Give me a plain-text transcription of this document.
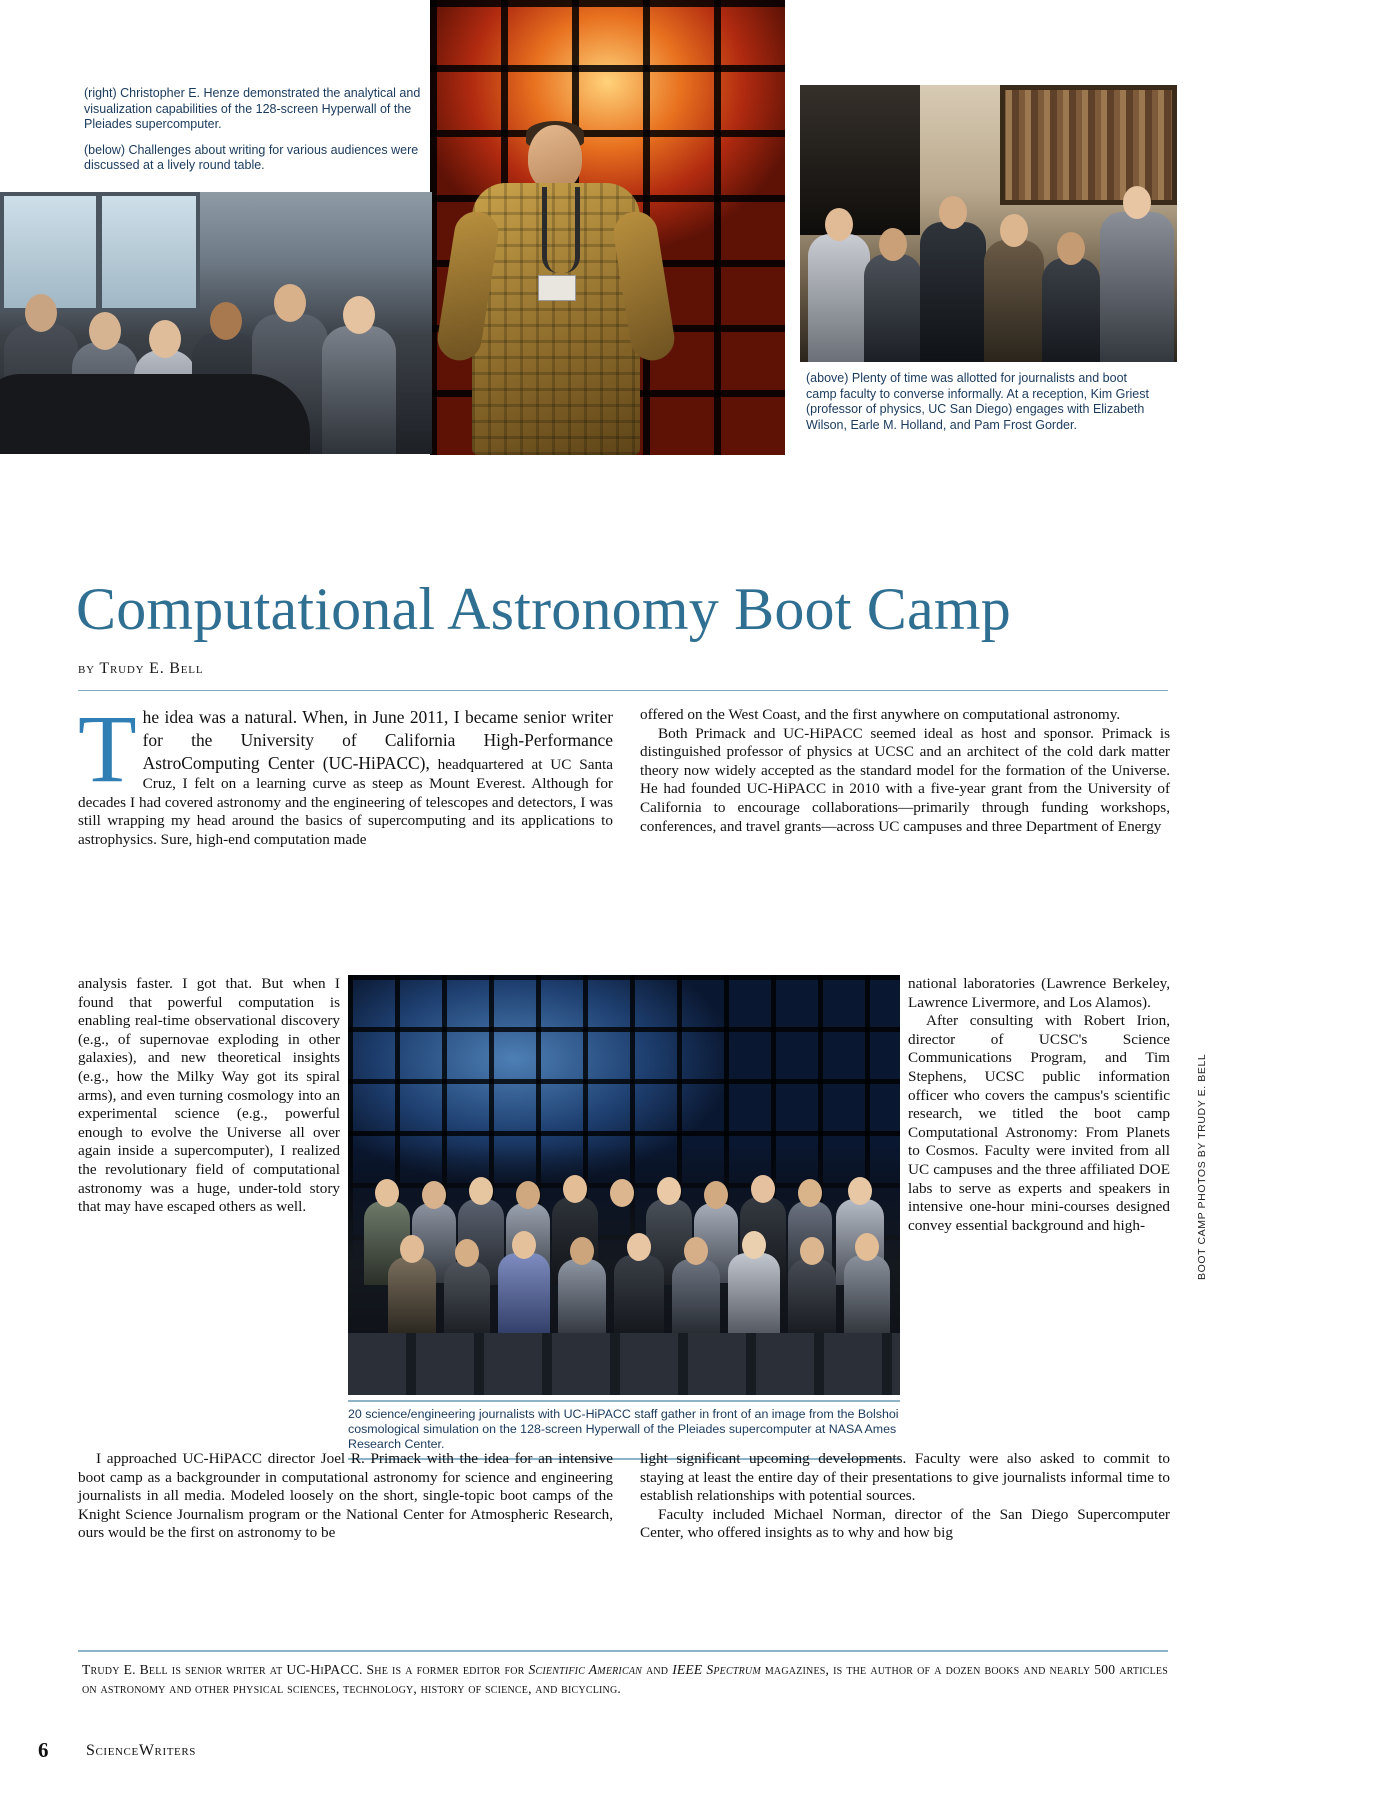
(right) Christopher E. Henze demonstrated the analytical and visualization capabilities of the 128-screen Hyperwall of the Pleiades supercomputer.

(below) Challenges about writing for various audiences were discussed at a lively round table.

(above) Plenty of time was allotted for journalists and boot camp faculty to converse informally. At a reception, Kim Griest (professor of physics, UC San Diego) engages with Elizabeth Wilson, Earle M. Holland, and Pam Frost Gorder.

Computational Astronomy Boot Camp
by Trudy E. Bell

The idea was a natural. When, in June 2011, I became senior writer for the University of California High-Performance AstroComputing Center (UC-HiPACC), headquartered at UC Santa Cruz, I felt on a learning curve as steep as Mount Everest. Although for decades I had covered astronomy and the engineering of telescopes and detectors, I was still wrapping my head around the basics of supercomputing and its applications to astrophysics. Sure, high-end computation made

analysis faster. I got that. But when I found that powerful computation is enabling real-time observational discovery (e.g., of supernovae exploding in other galaxies), and new theoretical insights (e.g., how the Milky Way got its spiral arms), and even turning cosmology into an experimental science (e.g., powerful enough to evolve the Universe all over again inside a supercomputer), I realized the revolutionary field of computational astronomy was a huge, under-told story that may have escaped others as well.

20 science/engineering journalists with UC-HiPACC staff gather in front of an image from the Bolshoi cosmological simulation on the 128-screen Hyperwall of the Pleiades supercomputer at NASA Ames Research Center.

offered on the West Coast, and the first anywhere on computational astronomy.

Both Primack and UC-HiPACC seemed ideal as host and sponsor. Primack is distinguished professor of physics at UCSC and an architect of the cold dark matter theory now widely accepted as the standard model for the formation of the Universe. He had founded UC-HiPACC in 2010 with a five-year grant from the University of California to encourage collaborations—primarily through funding workshops, conferences, and travel grants—across UC campuses and three Department of Energy

national laboratories (Lawrence Berkeley, Lawrence Livermore, and Los Alamos).

After consulting with Robert Irion, director of UCSC's Science Communications Program, and Tim Stephens, UCSC public information officer who covers the campus's scientific research, we titled the boot camp Computational Astronomy: From Planets to Cosmos. Faculty were invited from all UC campuses and the three affiliated DOE labs to serve as experts and speakers in intensive one-hour mini-courses designed convey essential background and high-

I approached UC-HiPACC director Joel R. Primack with the idea for an intensive boot camp as a backgrounder in computational astronomy for science and engineering journalists in all media. Modeled loosely on the short, single-topic boot camps of the Knight Science Journalism program or the National Center for Atmospheric Research, ours would be the first on astronomy to be

light significant upcoming developments. Faculty were also asked to commit to staying at least the entire day of their presentations to give journalists informal time to establish relationships with potential sources.

Faculty included Michael Norman, director of the San Diego Supercomputer Center, who offered insights as to why and how big

BOOT CAMP PHOTOS BY TRUDY E. BELL
Trudy E. Bell is senior writer at UC-HiPACC. She is a former editor for Scientific American and IEEE Spectrum magazines, is the author of a dozen books and nearly 500 articles on astronomy and other physical sciences, technology, history of science, and bicycling.
6 ScienceWriters
